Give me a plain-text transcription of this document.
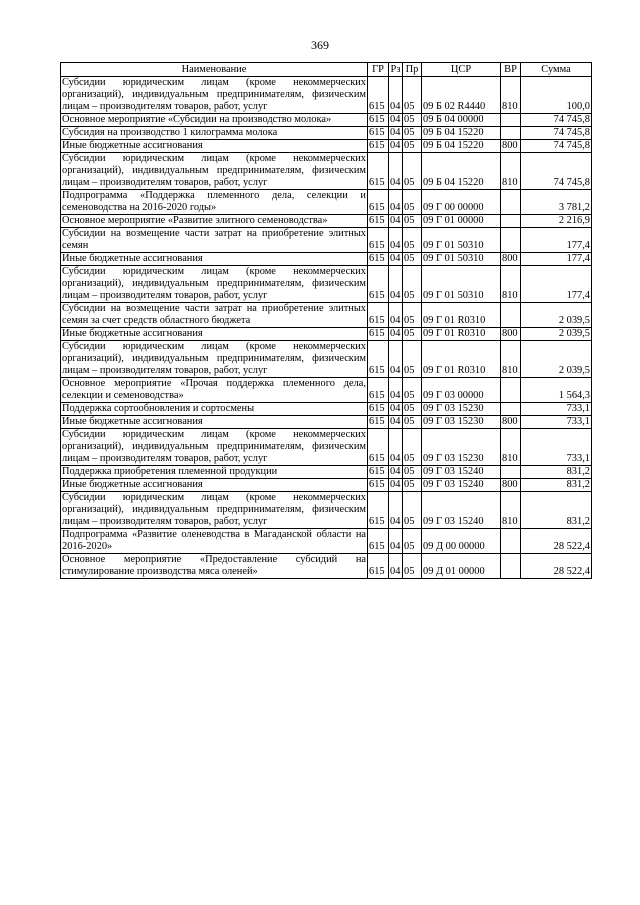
369
Наименование	ГР	Рз	Пр	ЦСР	ВР	Сумма
Субсидии юридическим лицам (кроме некоммерческих организаций), индивидуальным предпринимателям, физическим лицам – производителям товаров, работ, услуг	615	04	05	09 Б 02 R4440	810	100,0
Основное мероприятие «Субсидии на производство молока»	615	04	05	09 Б 04 00000		74 745,8
Субсидия на производство 1 килограмма молока	615	04	05	09 Б 04 15220		74 745,8
Иные бюджетные ассигнования	615	04	05	09 Б 04 15220	800	74 745,8
Субсидии юридическим лицам (кроме некоммерческих организаций), индивидуальным предпринимателям, физическим лицам – производителям товаров, работ, услуг	615	04	05	09 Б 04 15220	810	74 745,8
Подпрограмма «Поддержка племенного дела, селекции и семеноводства на 2016-2020 годы»	615	04	05	09 Г 00 00000		3 781,2
Основное мероприятие «Развитие элитного семеноводства»	615	04	05	09 Г 01 00000		2 216,9
Субсидии на возмещение части затрат на приобретение элитных семян	615	04	05	09 Г 01 50310		177,4
Иные бюджетные ассигнования	615	04	05	09 Г 01 50310	800	177,4
Субсидии юридическим лицам (кроме некоммерческих организаций), индивидуальным предпринимателям, физическим лицам – производителям товаров, работ, услуг	615	04	05	09 Г 01 50310	810	177,4
Субсидии на возмещение части затрат на приобретение элитных семян за счет средств областного бюджета	615	04	05	09 Г 01 R0310		2 039,5
Иные бюджетные ассигнования	615	04	05	09 Г 01 R0310	800	2 039,5
Субсидии юридическим лицам (кроме некоммерческих организаций), индивидуальным предпринимателям, физическим лицам – производителям товаров, работ, услуг	615	04	05	09 Г 01 R0310	810	2 039,5
Основное мероприятие «Прочая поддержка племенного дела, селекции и семеноводства»	615	04	05	09 Г 03 00000		1 564,3
Поддержка сортообновления и сортосмены	615	04	05	09 Г 03 15230		733,1
Иные бюджетные ассигнования	615	04	05	09 Г 03 15230	800	733,1
Субсидии юридическим лицам (кроме некоммерческих организаций), индивидуальным предпринимателям, физическим лицам – производителям товаров, работ, услуг	615	04	05	09 Г 03 15230	810	733,1
Поддержка приобретения племенной продукции	615	04	05	09 Г 03 15240		831,2
Иные бюджетные ассигнования	615	04	05	09 Г 03 15240	800	831,2
Субсидии юридическим лицам (кроме некоммерческих организаций), индивидуальным предпринимателям, физическим лицам – производителям товаров, работ, услуг	615	04	05	09 Г 03 15240	810	831,2
Подпрограмма «Развитие оленеводства в Магаданской области на 2016-2020»	615	04	05	09 Д 00 00000		28 522,4
Основное мероприятие «Предоставление субсидий на стимулирование производства мяса оленей»	615	04	05	09 Д 01 00000		28 522,4
